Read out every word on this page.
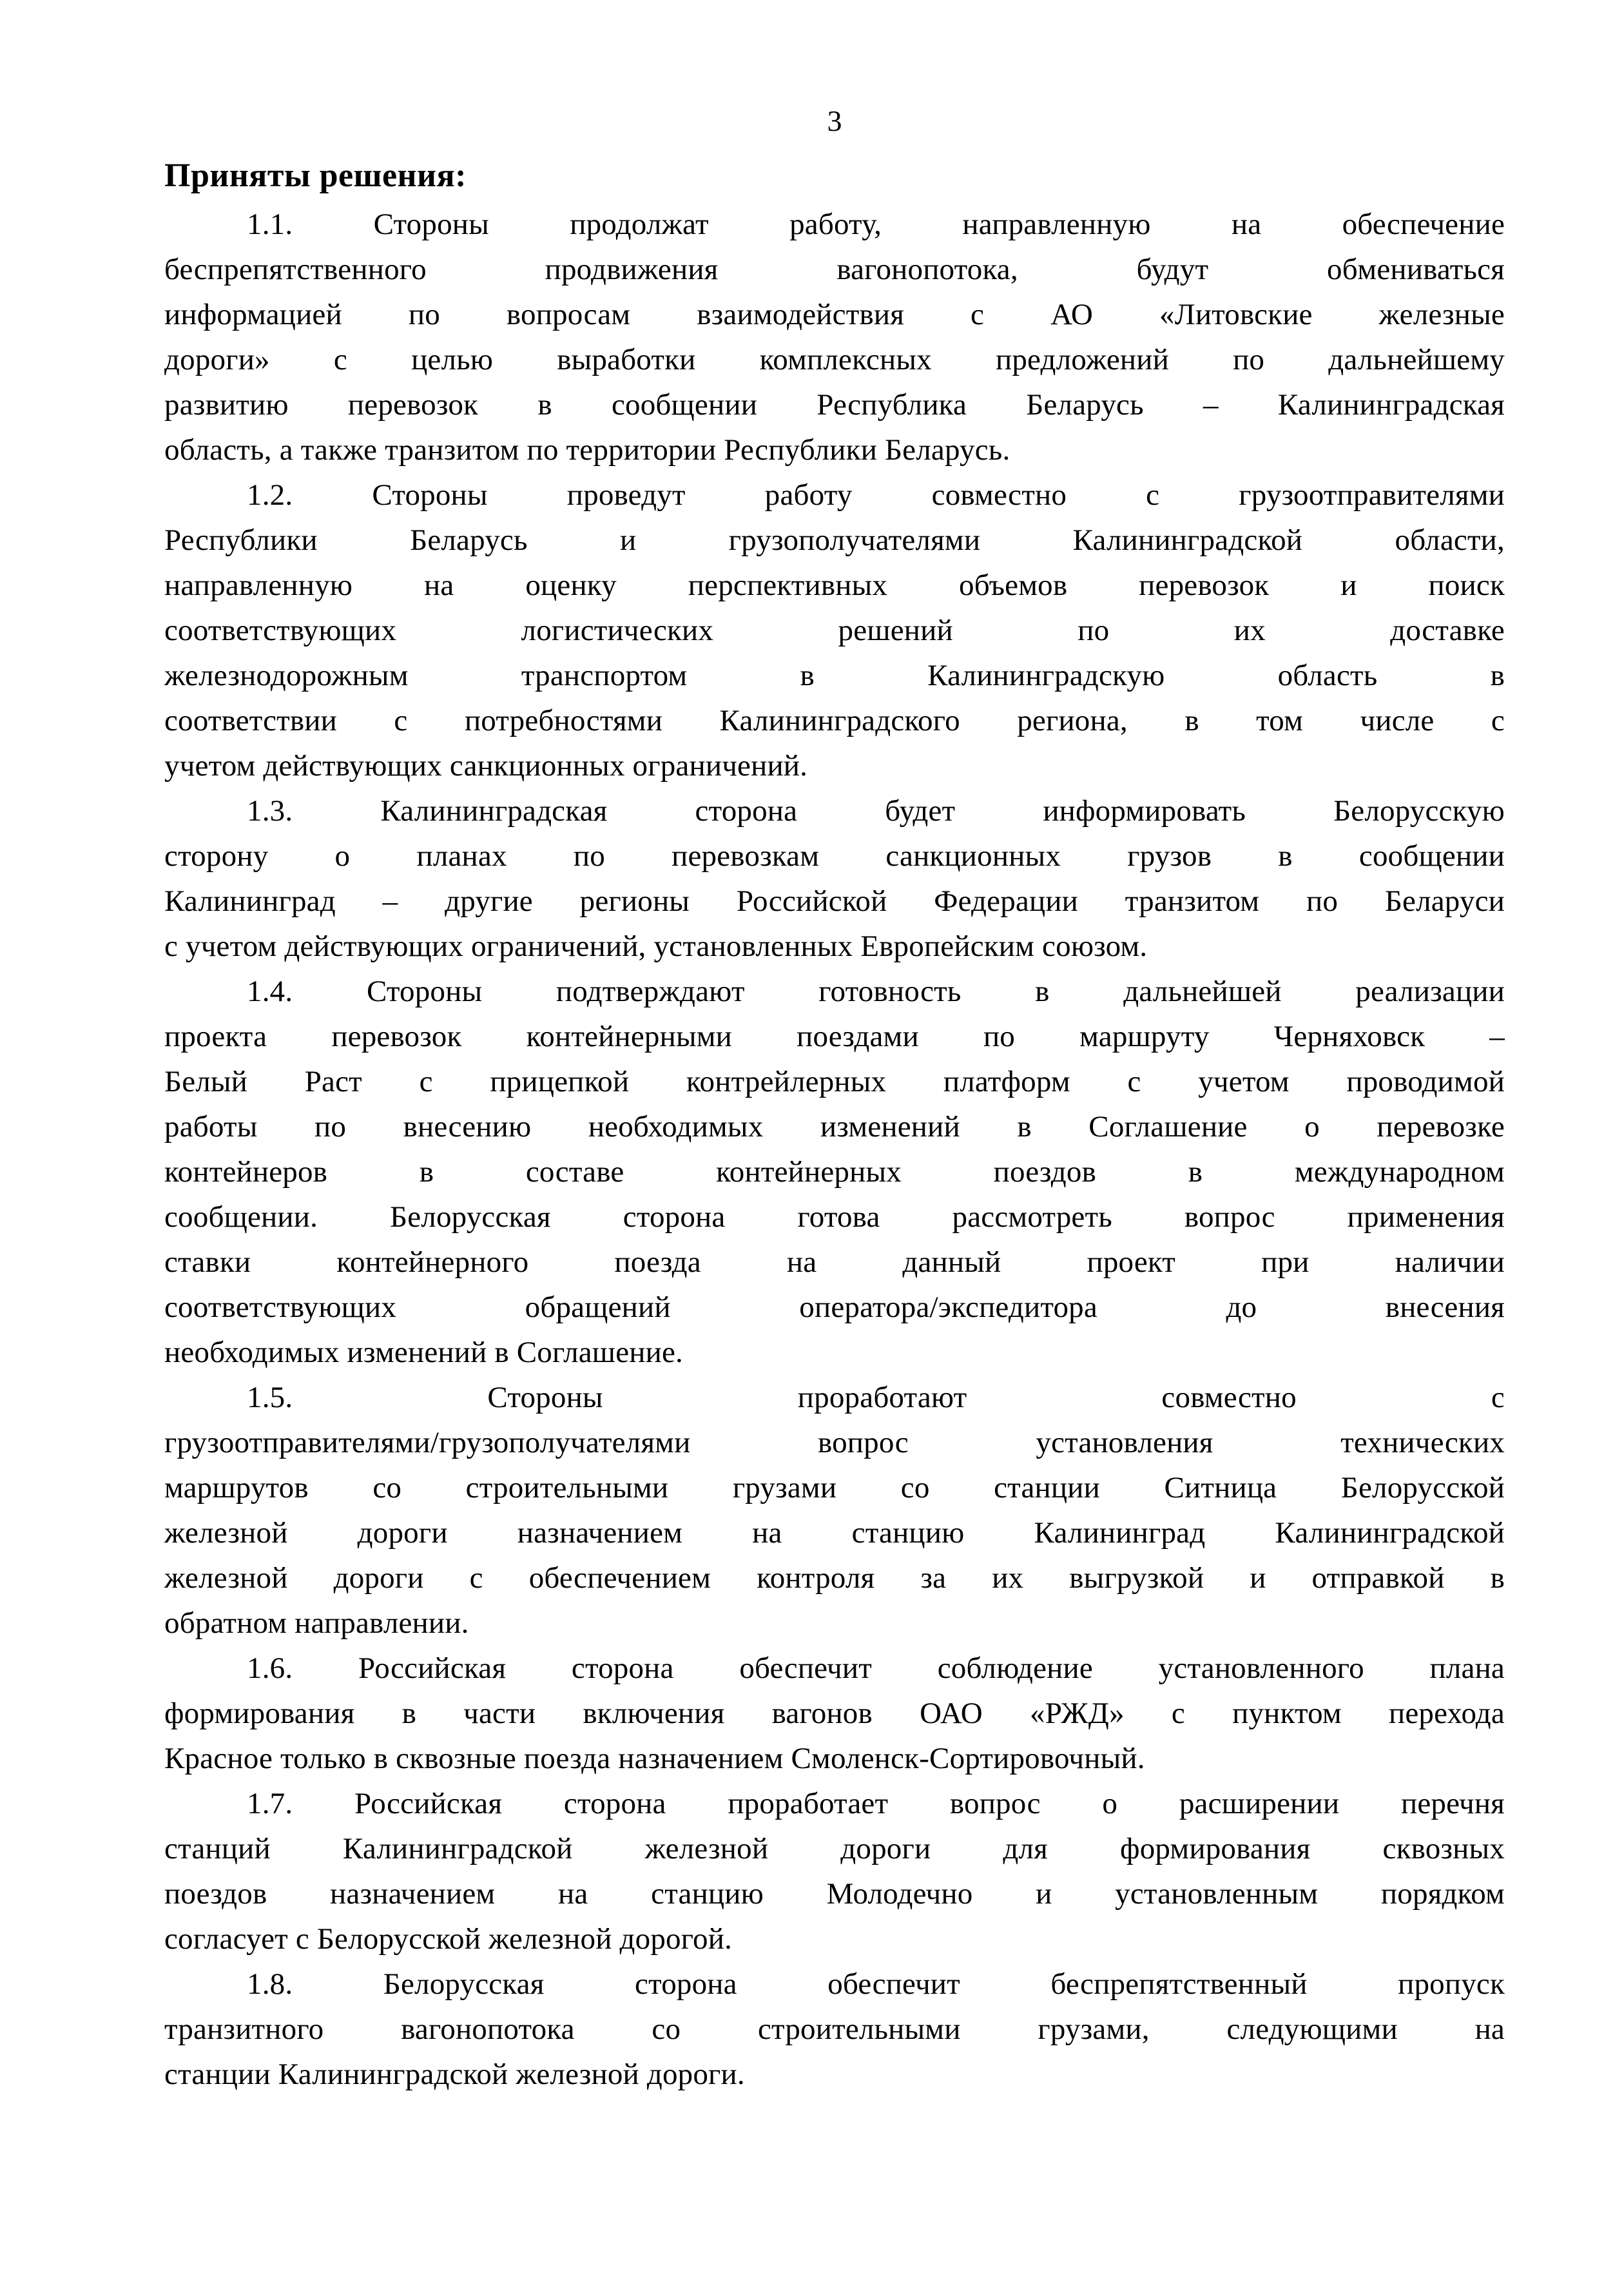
3
Приняты решения:
1.1. Стороны продолжат работу, направленную на обеспечение
беспрепятственного продвижения вагонопотока, будут обмениваться
информацией по вопросам взаимодействия с АО «Литовские железные
дороги» с целью выработки комплексных предложений по дальнейшему
развитию перевозок в сообщении Республика Беларусь – Калининградская
область, а также транзитом по территории Республики Беларусь.
1.2. Стороны проведут работу совместно с грузоотправителями
Республики Беларусь и грузополучателями Калининградской области,
направленную на оценку перспективных объемов перевозок и поиск
соответствующих логистических решений по их доставке
железнодорожным транспортом в Калининградскую область в
соответствии с потребностями Калининградского региона, в том числе с
учетом действующих санкционных ограничений.
1.3. Калининградская сторона будет информировать Белорусскую
сторону о планах по перевозкам санкционных грузов в сообщении
Калининград – другие регионы Российской Федерации транзитом по Беларуси
с учетом действующих ограничений, установленных Европейским союзом.
1.4. Стороны подтверждают готовность в дальнейшей реализации
проекта перевозок контейнерными поездами по маршруту Черняховск –
Белый Раст с прицепкой контрейлерных платформ с учетом проводимой
работы по внесению необходимых изменений в Соглашение о перевозке
контейнеров в составе контейнерных поездов в международном
сообщении. Белорусская сторона готова рассмотреть вопрос применения
ставки контейнерного поезда на данный проект при наличии
соответствующих обращений оператора/экспедитора до внесения
необходимых изменений в Соглашение.
1.5. Стороны проработают совместно с
грузоотправителями/грузополучателями вопрос установления технических
маршрутов со строительными грузами со станции Ситница Белорусской
железной дороги назначением на станцию Калининград Калининградской
железной дороги с обеспечением контроля за их выгрузкой и отправкой в
обратном направлении.
1.6. Российская сторона обеспечит соблюдение установленного плана
формирования в части включения вагонов ОАО «РЖД» с пунктом перехода
Красное только в сквозные поезда назначением Смоленск-Сортировочный.
1.7. Российская сторона проработает вопрос о расширении перечня
станций Калининградской железной дороги для формирования сквозных
поездов назначением на станцию Молодечно и установленным порядком
согласует с Белорусской железной дорогой.
1.8. Белорусская сторона обеспечит беспрепятственный пропуск
транзитного вагонопотока со строительными грузами, следующими на
станции Калининградской железной дороги.
